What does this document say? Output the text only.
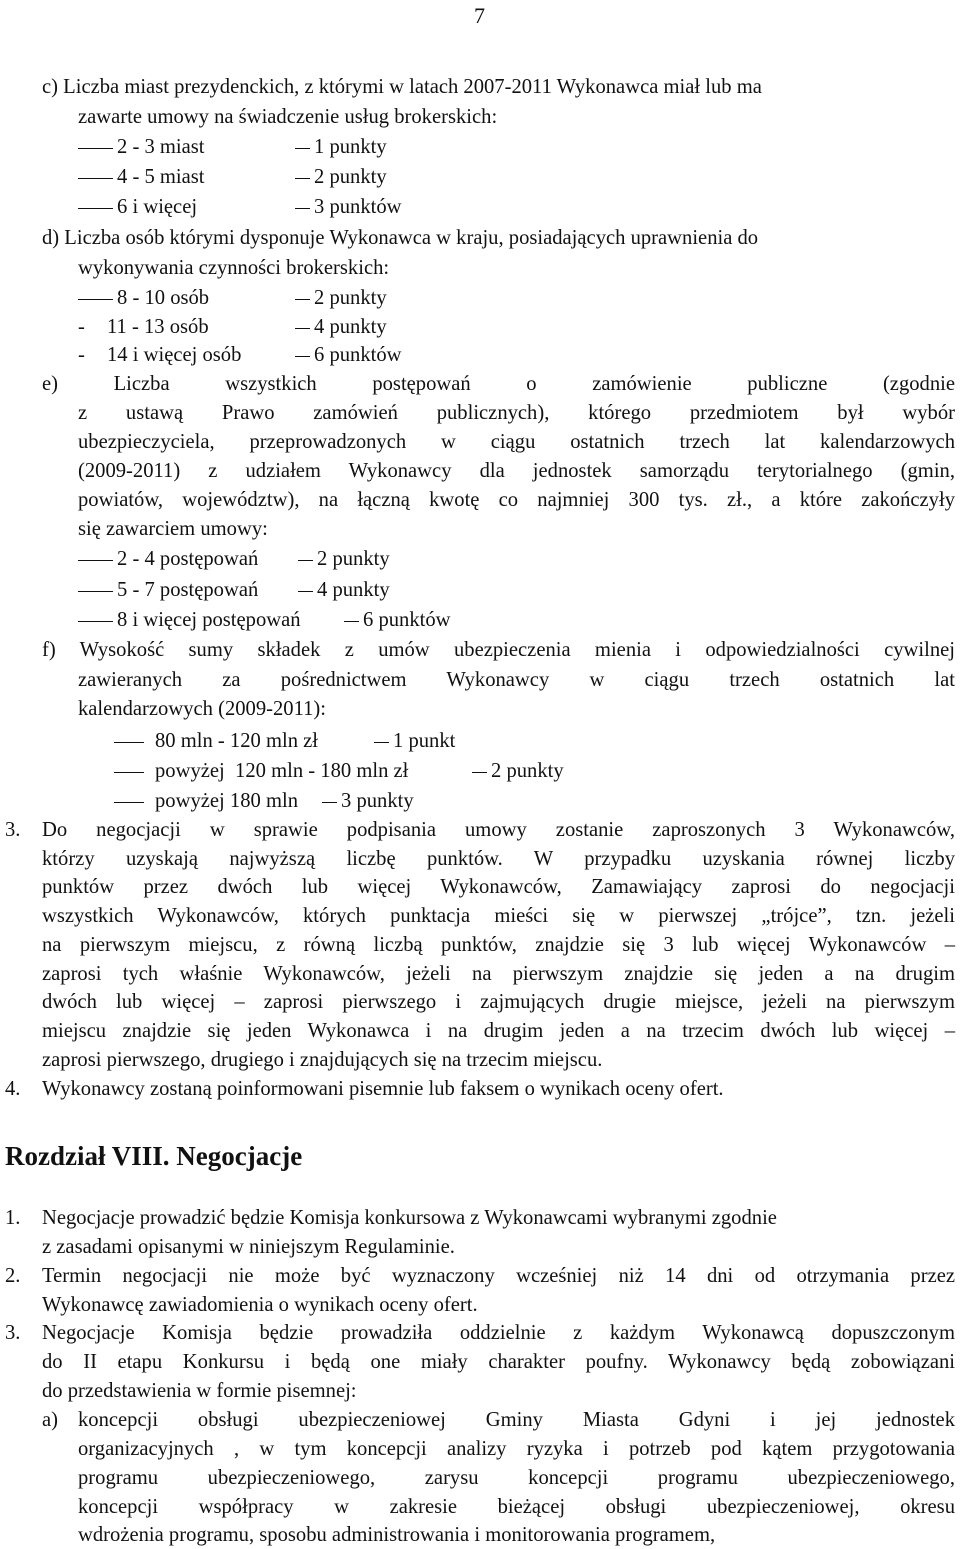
7
c) Liczba miast prezydenckich, z którymi w latach 2007-2011 Wykonawca miał lub ma
zawarte umowy na świadczenie usług brokerskich:
2 - 3 miast	1 punkty
4 - 5 miast	2 punkty
6 i więcej	3 punktów
d) Liczba osób którymi dysponuje Wykonawca w kraju, posiadających uprawnienia do
wykonywania czynności brokerskich:
8 - 10 osób	2 punkty
- 11 - 13 osób	4 punkty
- 14 i więcej osób	6 punktów
e) Liczba wszystkich postępowań o zamówienie publiczne (zgodnie
z ustawą Prawo zamówień publicznych), którego przedmiotem był wybór
ubezpieczyciela, przeprowadzonych w ciągu ostatnich trzech lat kalendarzowych
(2009-2011) z udziałem Wykonawcy dla jednostek samorządu terytorialnego (gmin,
powiatów, województw), na łączną kwotę co najmniej 300 tys. zł., a które zakończyły
się zawarciem umowy:
2 - 4 postępowań	2 punkty
5 - 7 postępowań	4 punkty
8 i więcej postępowań	6 punktów
f) Wysokość sumy składek z umów ubezpieczenia mienia i odpowiedzialności cywilnej
zawieranych za pośrednictwem Wykonawcy w ciągu trzech ostatnich lat
kalendarzowych (2009-2011):
80 mln - 120 mln zł	1 punkt
powyżej  120 mln - 180 mln zł	2 punkty
powyżej 180 mln	3 punkty
3. Do negocjacji w sprawie podpisania umowy zostanie zaproszonych 3 Wykonawców,
którzy uzyskają najwyższą liczbę punktów. W przypadku uzyskania równej liczby
punktów przez dwóch lub więcej Wykonawców, Zamawiający zaprosi do negocjacji
wszystkich Wykonawców, których punktacja mieści się w pierwszej „trójce”, tzn. jeżeli
na pierwszym miejscu, z równą liczbą punktów, znajdzie się 3 lub więcej Wykonawców –
zaprosi tych właśnie Wykonawców, jeżeli na pierwszym znajdzie się jeden a na drugim
dwóch lub więcej – zaprosi pierwszego i zajmujących drugie miejsce, jeżeli na pierwszym
miejscu znajdzie się jeden Wykonawca i na drugim jeden a na trzecim dwóch lub więcej –
zaprosi pierwszego, drugiego i znajdujących się na trzecim miejscu.
4. Wykonawcy zostaną poinformowani pisemnie lub faksem o wynikach oceny ofert.
Rozdział VIII. Negocjacje
1. Negocjacje prowadzić będzie Komisja konkursowa z Wykonawcami wybranymi zgodnie
z zasadami opisanymi w niniejszym Regulaminie.
2. Termin negocjacji nie może być wyznaczony wcześniej niż 14 dni od otrzymania przez
Wykonawcę zawiadomienia o wynikach oceny ofert.
3. Negocjacje Komisja będzie prowadziła oddzielnie z każdym Wykonawcą dopuszczonym
do II etapu Konkursu i będą one miały charakter poufny. Wykonawcy będą zobowiązani
do przedstawienia w formie pisemnej:
a) koncepcji obsługi ubezpieczeniowej Gminy Miasta Gdyni i jej jednostek
organizacyjnych , w tym koncepcji analizy ryzyka i potrzeb pod kątem przygotowania
programu ubezpieczeniowego, zarysu koncepcji programu ubezpieczeniowego,
koncepcji współpracy w zakresie bieżącej obsługi ubezpieczeniowej, okresu
wdrożenia programu, sposobu administrowania i monitorowania programem,
